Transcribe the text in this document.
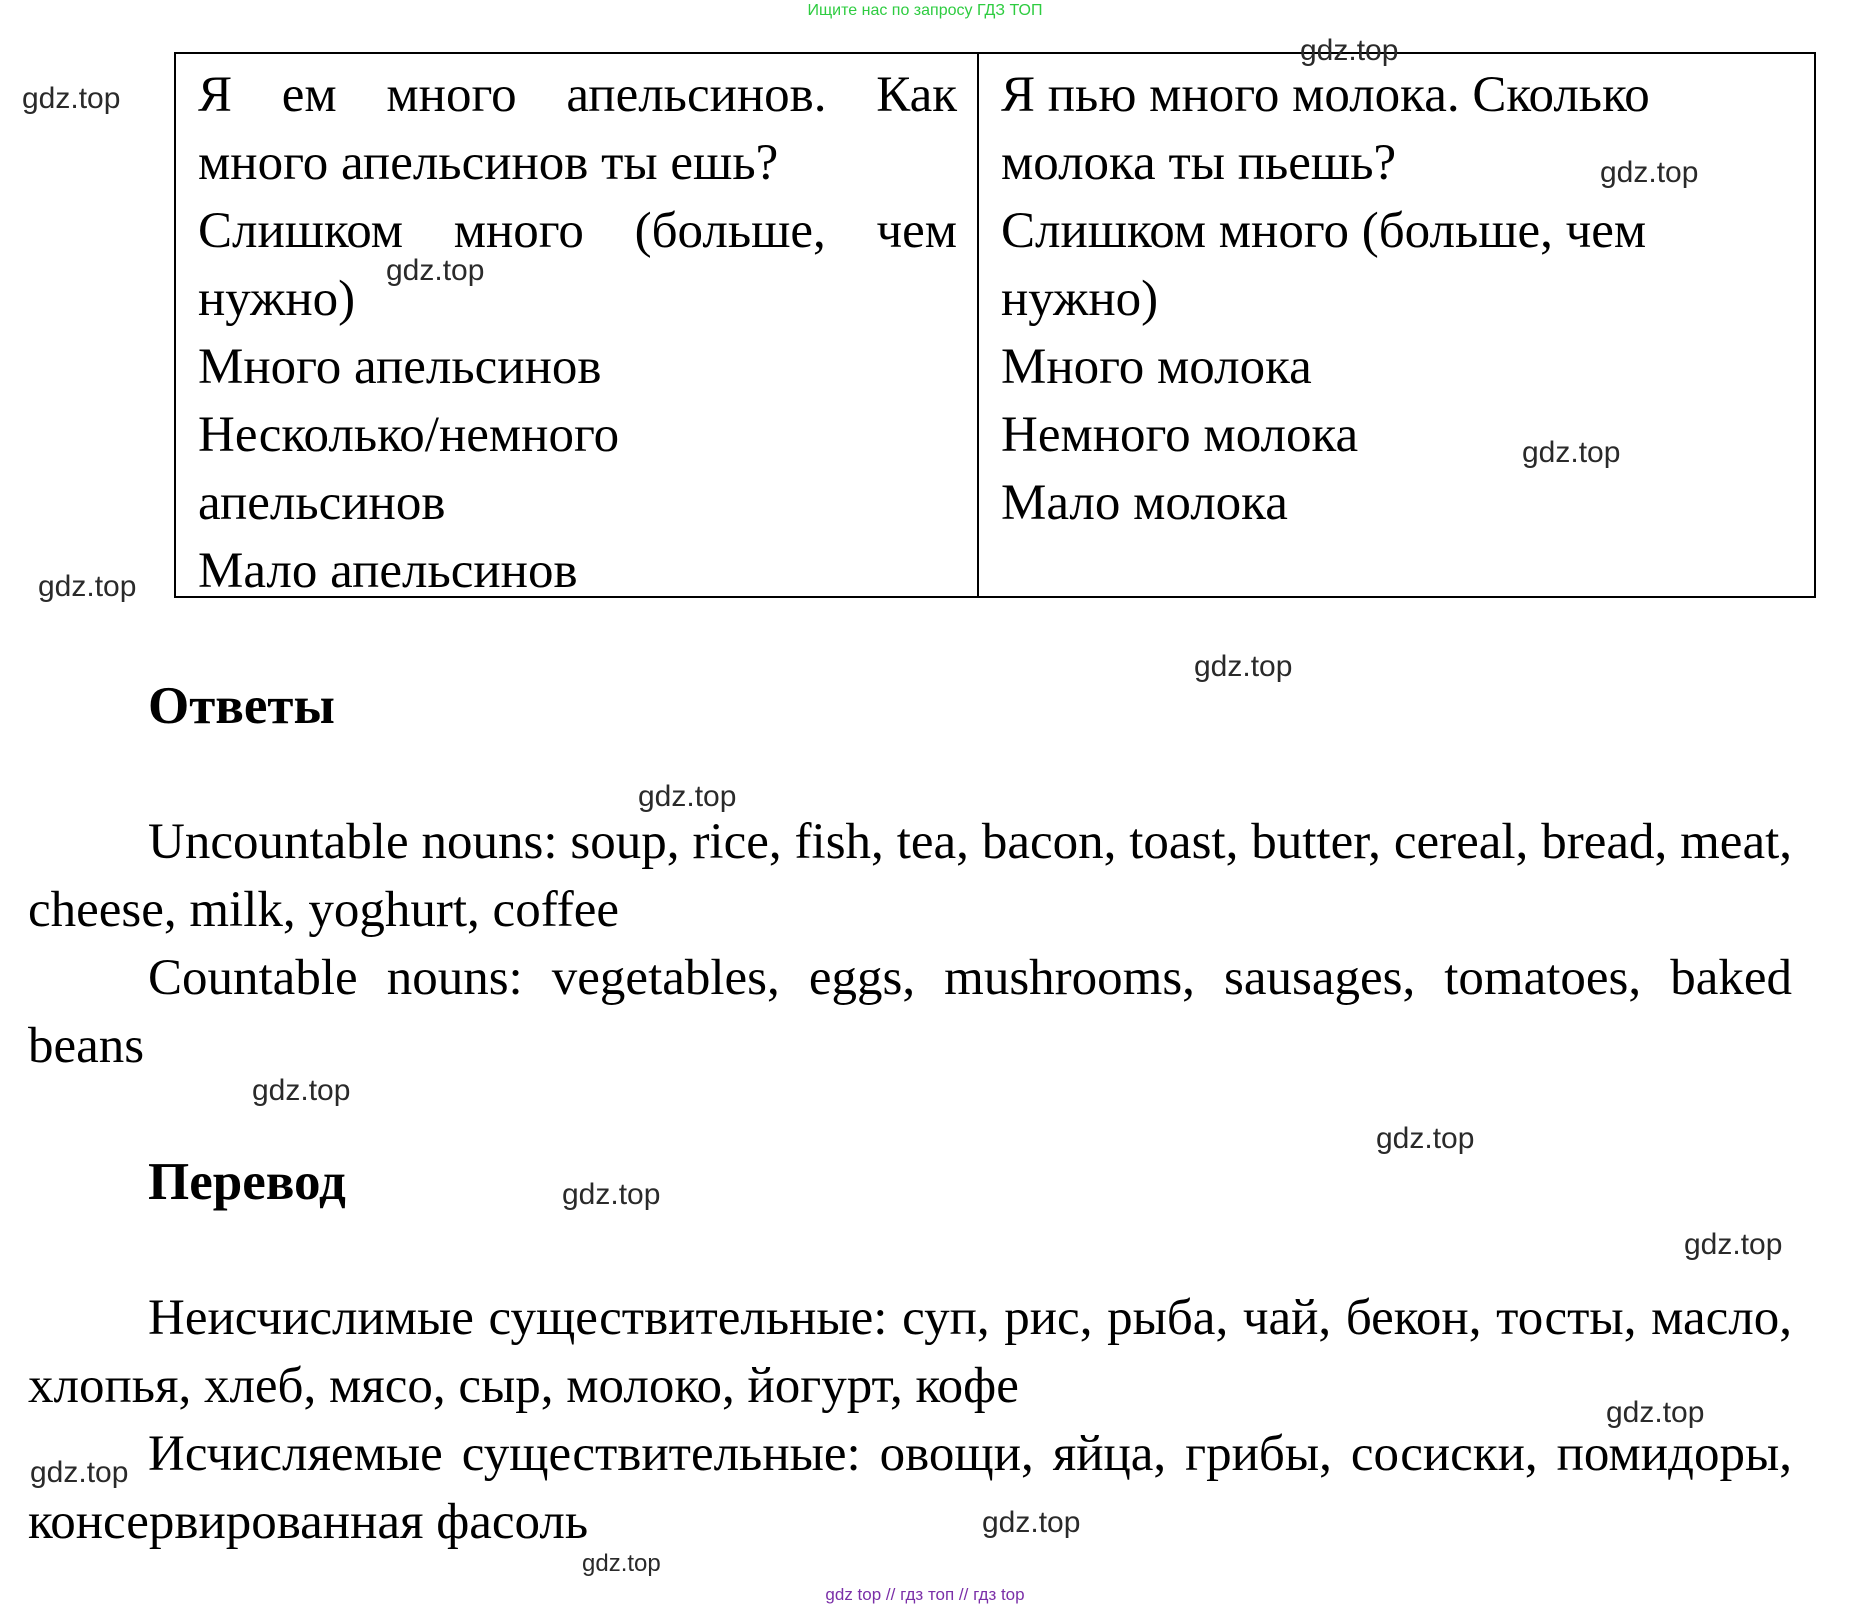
Ищите нас по запросу ГДЗ ТОП
Я ем много апельсинов. Как
много апельсинов ты ешь?
Слишком много (больше, чем
нужно)
Много апельсинов
Несколько/немного
апельсинов
Мало апельсинов
Я пью много молока. Сколько
молока ты пьешь?
Слишком много (больше, чем
нужно)
Много молока
Немного молока
Мало молока
Ответы
Uncountable nouns: soup, rice, fish, tea, bacon, toast, butter, cereal, bread, meat, cheese, milk, yoghurt, coffee
Countable nouns: vegetables, eggs, mushrooms, sausages, tomatoes, baked beans
Перевод
Неисчислимые существительные: суп, рис, рыба, чай, бекон, тосты, масло, хлопья, хлеб, мясо, сыр, молоко, йогурт, кофе
Исчисляемые существительные: овощи, яйца, грибы, сосиски, помидоры, консервированная фасоль
gdz.top
gdz.top
gdz.top
gdz.top
gdz.top
gdz.top
gdz.top
gdz.top
gdz.top
gdz.top
gdz.top
gdz.top
gdz.top
gdz.top
gdz.top
gdz.top
gdz top // гдз топ // гдз top
